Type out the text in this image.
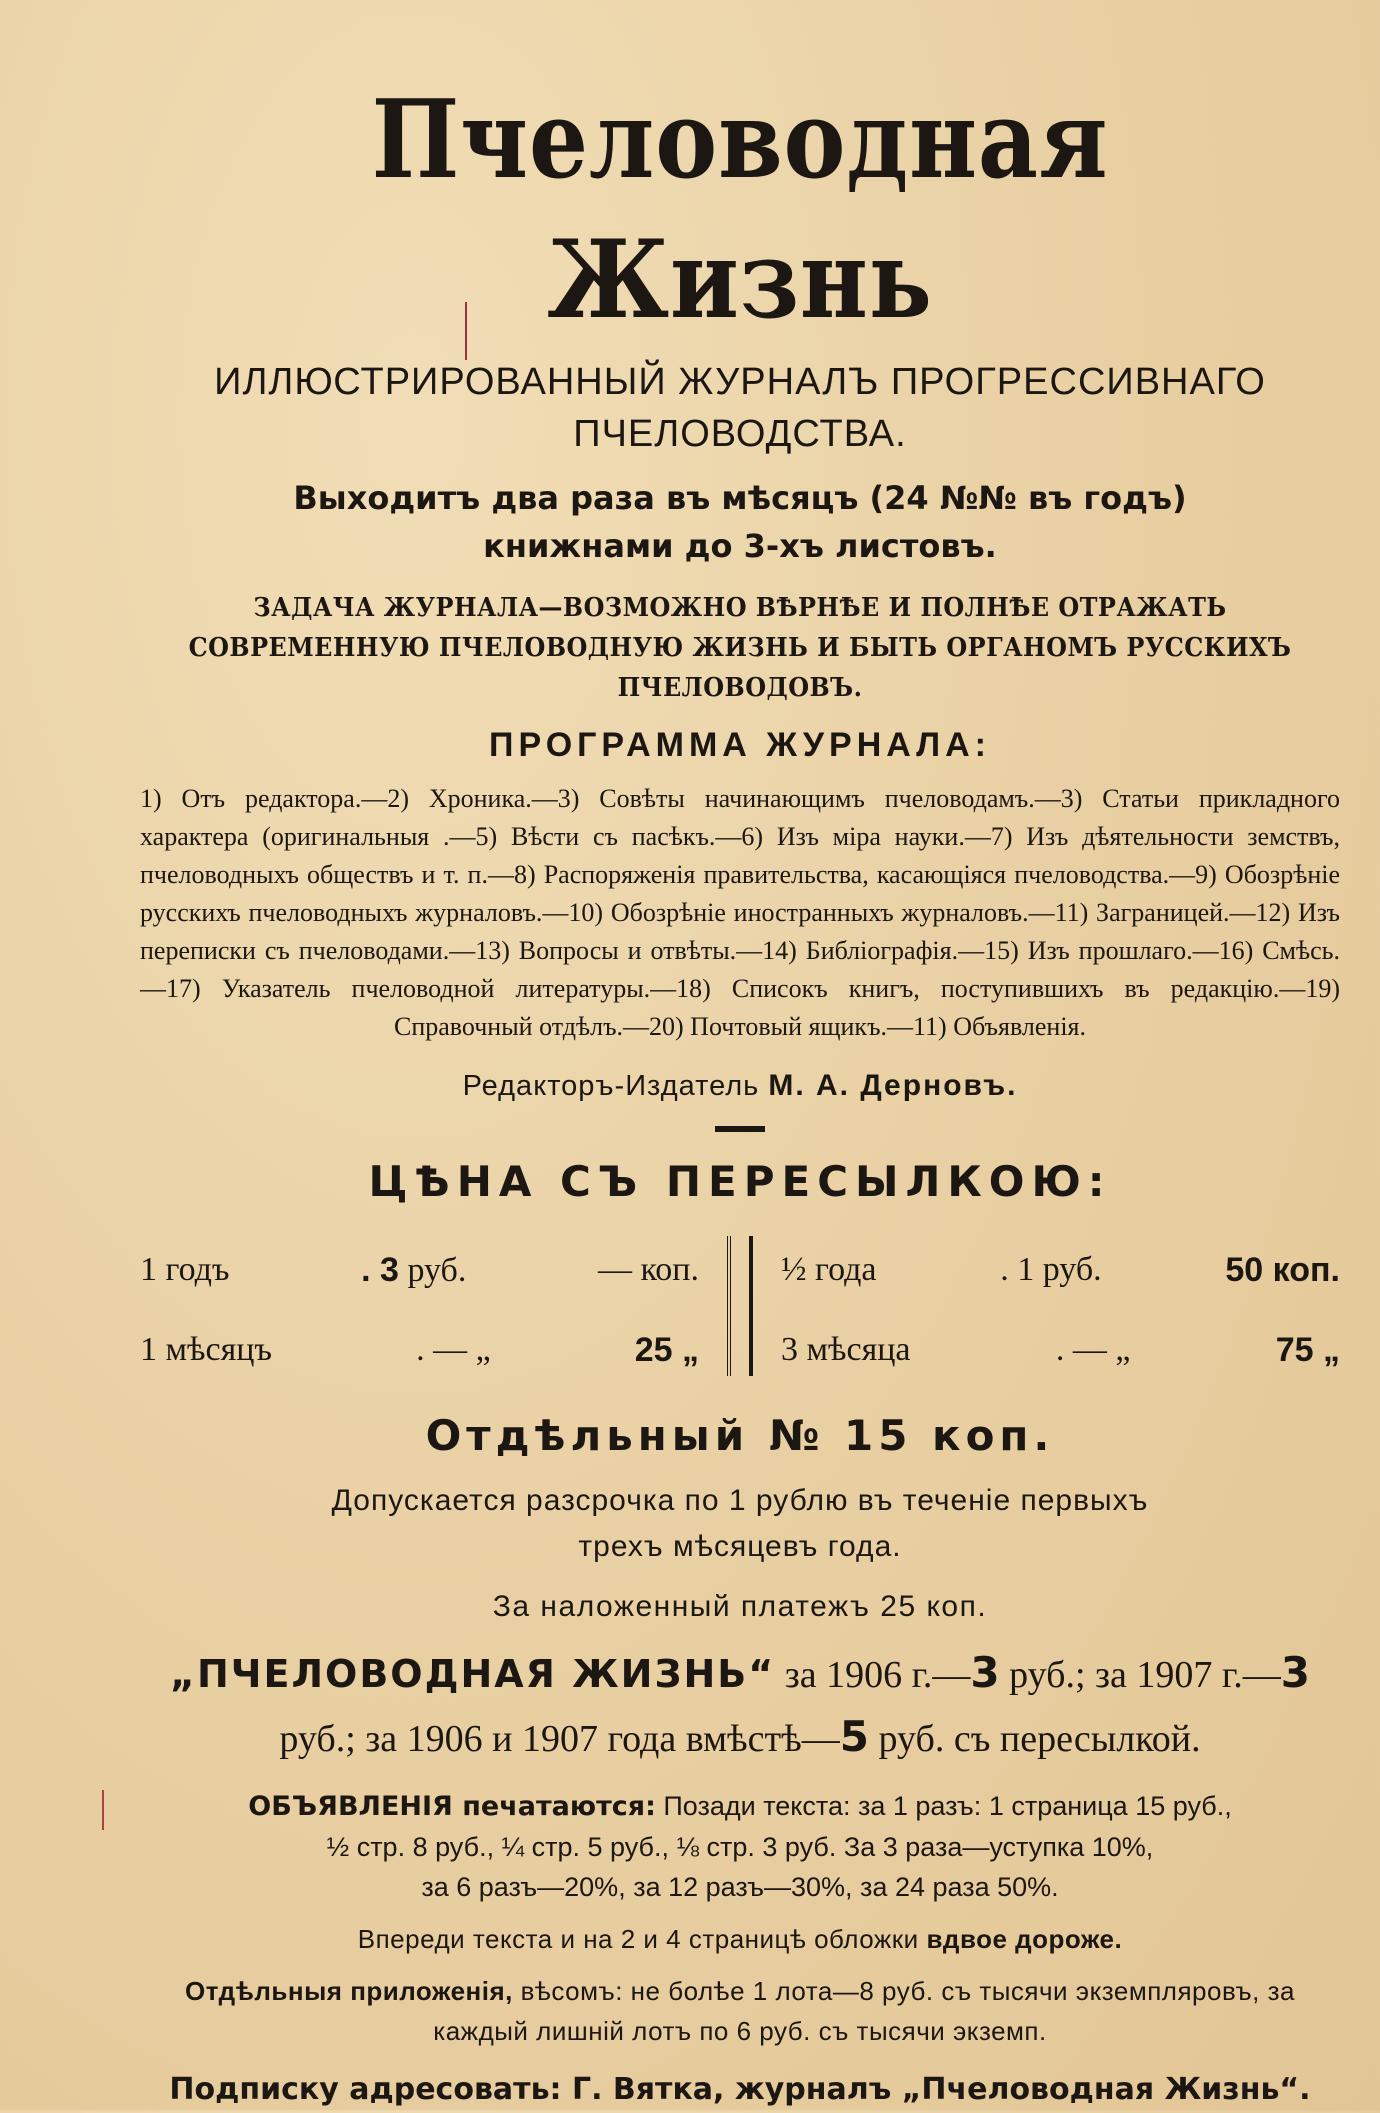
Пчеловодная Жизнь
ИЛЛЮСТРИРОВАННЫЙ ЖУРНАЛЪ ПРОГРЕССИВНАГО
ПЧЕЛОВОДСТВА.
Выходитъ два раза въ мѣсяцъ (24 №№ въ годъ)
книжнами до 3-хъ листовъ.
ЗАДАЧА ЖУРНАЛА—ВОЗМОЖНО ВѢРНѢЕ И ПОЛНѢЕ ОТРАЖАТЬ СОВРЕМЕННУЮ ПЧЕЛОВОДНУЮ ЖИЗНЬ И БЫТЬ ОРГАНОМЪ РУССКИХЪ ПЧЕЛОВОДОВЪ.
ПРОГРАММА ЖУРНАЛА:
1) Отъ редактора.—2) Хроника.—3) Совѣты начинающимъ пчеловодамъ.—3) Статьи прикладного характера (оригинальныя .—5) Вѣсти съ пасѣкъ.—6) Изъ міра науки.—7) Изъ дѣятельности земствъ, пчеловодныхъ обществъ и т. п.—8) Распоряженія правительства, касающіяся пчеловодства.—9) Обозрѣніе русскихъ пчеловодныхъ журналовъ.—10) Обозрѣніе иностранныхъ журналовъ.—11) Заграницей.—12) Изъ переписки съ пчеловодами.—13) Вопросы и отвѣты.—14) Библіографія.—15) Изъ прошлаго.—16) Смѣсь.—17) Указатель пчеловодной литературы.—18) Списокъ книгъ, поступившихъ въ редакцію.—19) Справочный отдѣлъ.—20) Почтовый ящикъ.—11) Объявленія.
Редакторъ-Издатель М. А. Дерновъ.
ЦѢНА СЪ ПЕРЕСЫЛКОЮ:
1 годъ	. 3 руб.	— коп.
1 мѣсяцъ	. — „	25 „
½ года	. 1 руб.	50 коп.
3 мѣсяца	. — „	75 „
Отдѣльный № 15 коп.
Допускается разсрочка по 1 рублю въ теченіе первыхъ
трехъ мѣсяцевъ года.
За наложенный платежъ 25 коп.
„ПЧЕЛОВОДНАЯ ЖИЗНЬ“ за 1906 г.—3 руб.; за 1907 г.—3 руб.; за 1906 и 1907 года вмѣстѣ—5 руб. съ пересылкой.
ОБЪЯВЛЕНІЯ печатаются: Позади текста: за 1 разъ: 1 страница 15 руб.,
½ стр. 8 руб., ¼ стр. 5 руб., ⅛ стр. 3 руб. За 3 раза—уступка 10%,
за 6 разъ—20%, за 12 разъ—30%, за 24 раза 50%.
Впереди текста и на 2 и 4 страницѣ обложки вдвое дороже.
Отдѣльныя приложенія, вѣсомъ: не болѣе 1 лота—8 руб. съ тысячи экземпляровъ, за каждый лишній лотъ по 6 руб. съ тысячи экземп.
Подписку адресовать: Г. Вятка, журналъ „Пчеловодная Жизнь“.
